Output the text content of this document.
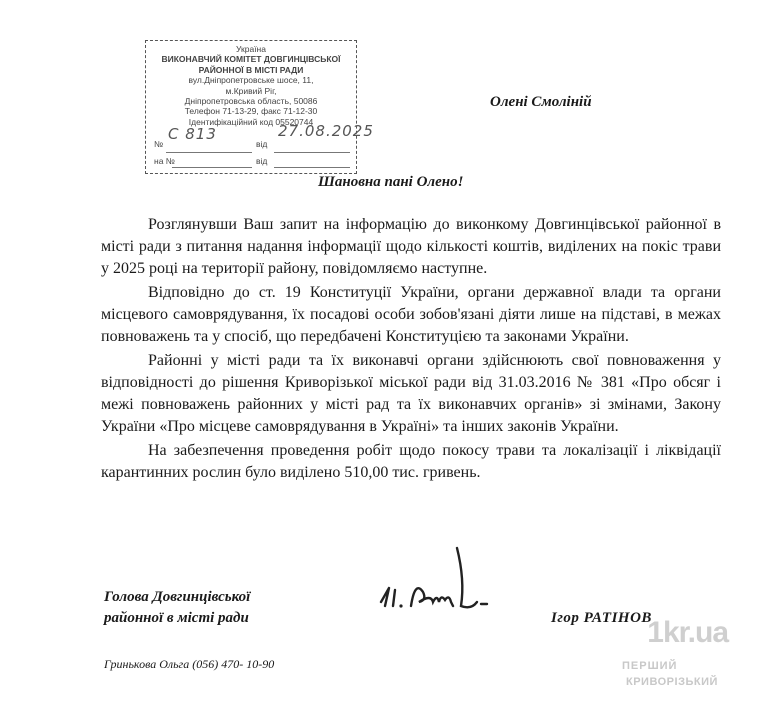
Україна
ВИКОНАВЧИЙ КОМІТЕТ ДОВГИНЦІВСЬКОЇ
РАЙОННОЇ В МІСТІ РАДИ
вул.Дніпропетровське шосе, 11,
м.Кривий Ріг,
Дніпропетровська область, 50086
Телефон 71-13-29, факс 71-12-30
Ідентифікаційний код 05520744
№
С 813
від
27.08.2025
на №	від
Олені Смоліній
Шановна пані Олено!

Розглянувши Ваш запит на інформацію до виконкому Довгинцівської районної в місті ради з питання надання інформації щодо кількості коштів, виділених на покіс трави у 2025 році на території району, повідомляємо наступне.

Відповідно до ст. 19 Конституції України, органи державної влади та органи місцевого самоврядування, їх посадові особи зобов'язані діяти лише на підставі, в межах повноважень та у спосіб, що передбачені Конституцією та законами України.

Районні у місті ради та їх виконавчі органи здійснюють свої повноваження у відповідності до рішення Криворізької міської ради від 31.03.2016 № 381 «Про обсяг і межі повноважень районних у місті рад та їх виконавчих органів» зі змінами, Закону України «Про місцеве самоврядування в Україні» та інших законів України.

На забезпечення проведення робіт щодо покосу трави та локалізації і ліквідації карантинних рослин було виділено 510,00 тис. гривень.

Голова Довгинцівської
районної в місті ради	Ігор РАТІНОВ
Гринькова Ольга (056) 470- 10-90
1kr.ua
ПЕРШИЙ
КРИВОРІЗЬКИЙ
